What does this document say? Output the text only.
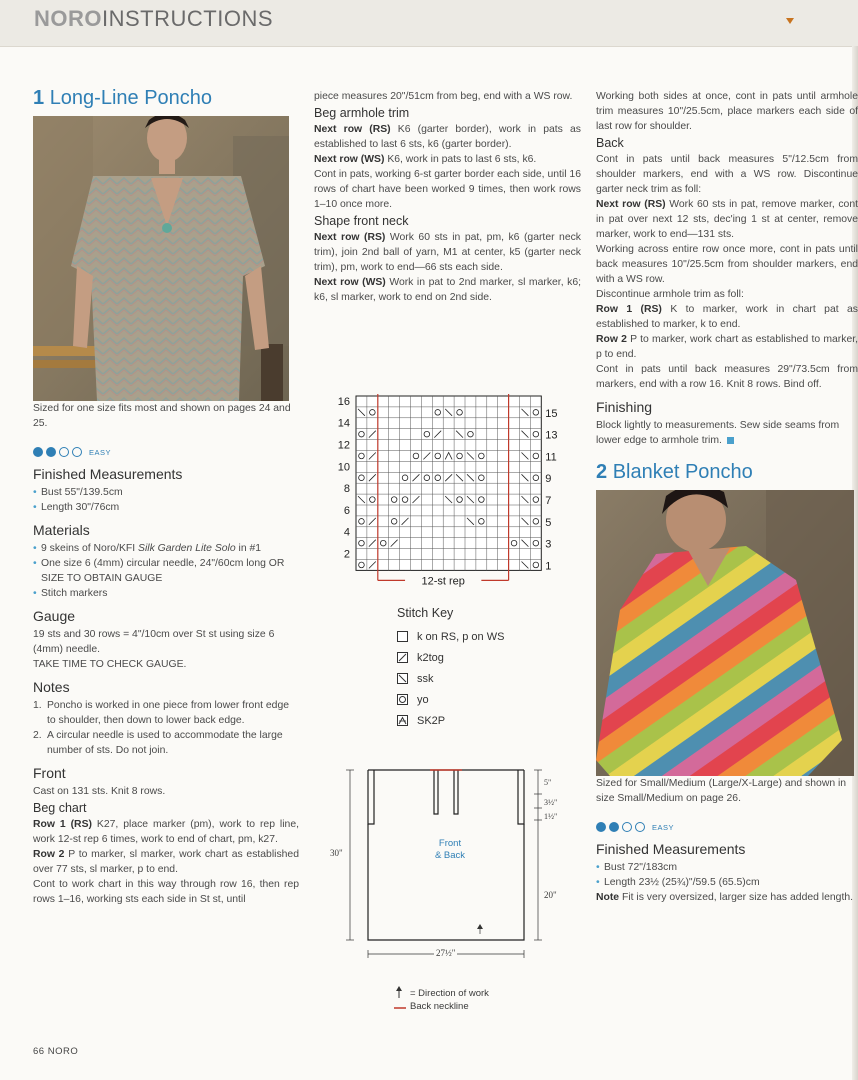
NOROINSTRUCTIONS
1 Long-Line Poncho

Sized for one size fits most and shown on pages 24 and 25.

EASY
Finished Measurements

• Bust 55"/139.5cm

• Length 30"/76cm

Materials

• 9 skeins of Noro/KFI Silk Garden Lite Solo in #1

• One size 6 (4mm) circular needle, 24"/60cm long OR SIZE TO OBTAIN GAUGE

• Stitch markers

Gauge

19 sts and 30 rows = 4"/10cm over St st using size 6 (4mm) needle.

TAKE TIME TO CHECK GAUGE.

Notes

1. Poncho is worked in one piece from lower front edge to shoulder, then down to lower back edge.

2. A circular needle is used to accommodate the large number of sts. Do not join.

Front

Cast on 131 sts. Knit 8 rows.

Beg chart

Row 1 (RS) K27, place marker (pm), work to rep line, work 12-st rep 6 times, work to end of chart, pm, k27.

Row 2 P to marker, sl marker, work chart as established over 77 sts, sl marker, p to end.

Cont to work chart in this way through row 16, then rep rows 1–16, working sts each side in St st, until

piece measures 20"/51cm from beg, end with a WS row.

Beg armhole trim

Next row (RS) K6 (garter border), work in pats as established to last 6 sts, k6 (garter border).

Next row (WS) K6, work in pats to last 6 sts, k6.

Cont in pats, working 6-st garter border each side, until 16 rows of chart have been worked 9 times, then work rows 1–10 once more.

Shape front neck

Next row (RS) Work 60 sts in pat, pm, k6 (garter neck trim), join 2nd ball of yarn, M1 at center, k5 (garter neck trim), pm, work to end—66 sts each side.

Next row (WS) Work in pat to 2nd marker, sl marker, k6; k6, sl marker, work to end on 2nd side.

12-st rep
16
14
12
10
8
6
4
2
15
13
11
9
7
5
3
1
Stitch Key
k on RS, p on WS
k2tog
ssk
yo
SK2P
Front
& Back
30"
27½"
20"
5"
3½"
1½"
= Direction of work
Back neckline

Working both sides at once, cont in pats until armhole trim measures 10"/25.5cm, place markers each side of last row for shoulder.

Back

Cont in pats until back measures 5"/12.5cm from shoulder markers, end with a WS row. Discontinue garter neck trim as foll:

Next row (RS) Work 60 sts in pat, remove marker, cont in pat over next 12 sts, dec'ing 1 st at center, remove marker, work to end—131 sts.

Working across entire row once more, cont in pats until back measures 10"/25.5cm from shoulder markers, end with a WS row.

Discontinue armhole trim as foll:

Row 1 (RS) K to marker, work in chart pat as established to marker, k to end.

Row 2 P to marker, work chart as established to marker, p to end.

Cont in pats until back measures 29"/73.5cm from markers, end with a row 16. Knit 8 rows. Bind off.

Finishing

Block lightly to measurements. Sew side seams from lower edge to armhole trim.

2 Blanket Poncho

Sized for Small/Medium (Large/X-Large) and shown in size Small/Medium on page 26.

EASY
Finished Measurements

• Bust 72"/183cm

• Length 23½ (25¾)"/59.5 (65.5)cm

Note Fit is very oversized, larger size has added length.

66 NORO
